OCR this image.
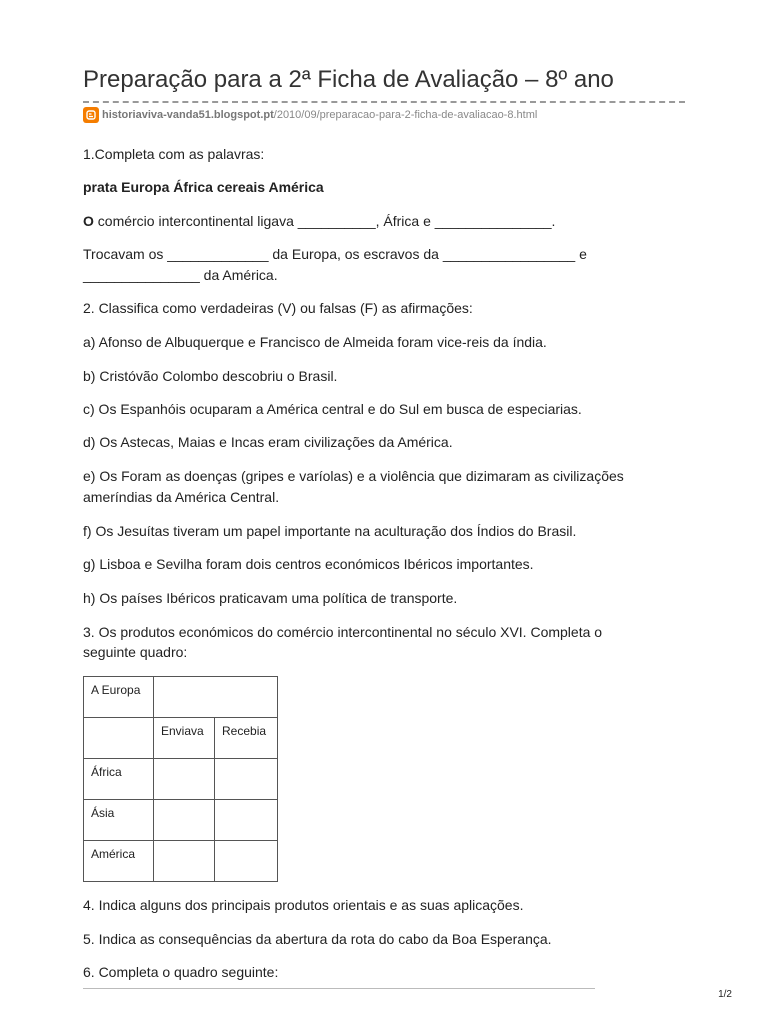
Preparação para a 2ª Ficha de Avaliação – 8º ano
historiaviva-vanda51.blogspot.pt /2010/09/preparacao-para-2-ficha-de-avaliacao-8.html

1.Completa com as palavras:

prata Europa África cereais América

O comércio intercontinental ligava __________, África e _______________.

Trocavam os _____________ da Europa, os escravos da _________________ e

_______________ da América.

2. Classifica como verdadeiras (V) ou falsas (F) as afirmações:

a) Afonso de Albuquerque e Francisco de Almeida foram vice-reis da índia.

b) Cristóvão Colombo descobriu o Brasil.

c) Os Espanhóis ocuparam a América central e do Sul em busca de especiarias.

d) Os Astecas, Maias e Incas eram civilizações da América.

e) Os Foram as doenças (gripes e varíolas) e a violência que dizimaram as civilizações

ameríndias da América Central.

f) Os Jesuítas tiveram um papel importante na aculturação dos Índios do Brasil.

g) Lisboa e Sevilha foram dois centros económicos Ibéricos importantes.

h) Os países Ibéricos praticavam uma política de transporte.

3. Os produtos económicos do comércio intercontinental no século XVI. Completa o

seguinte quadro:

A Europa		
	Enviava	Recebia
África		
Ásia		
América		

4. Indica alguns dos principais produtos orientais e as suas aplicações.

5. Indica as consequências da abertura da rota do cabo da Boa Esperança.

6. Completa o quadro seguinte:

1/2
